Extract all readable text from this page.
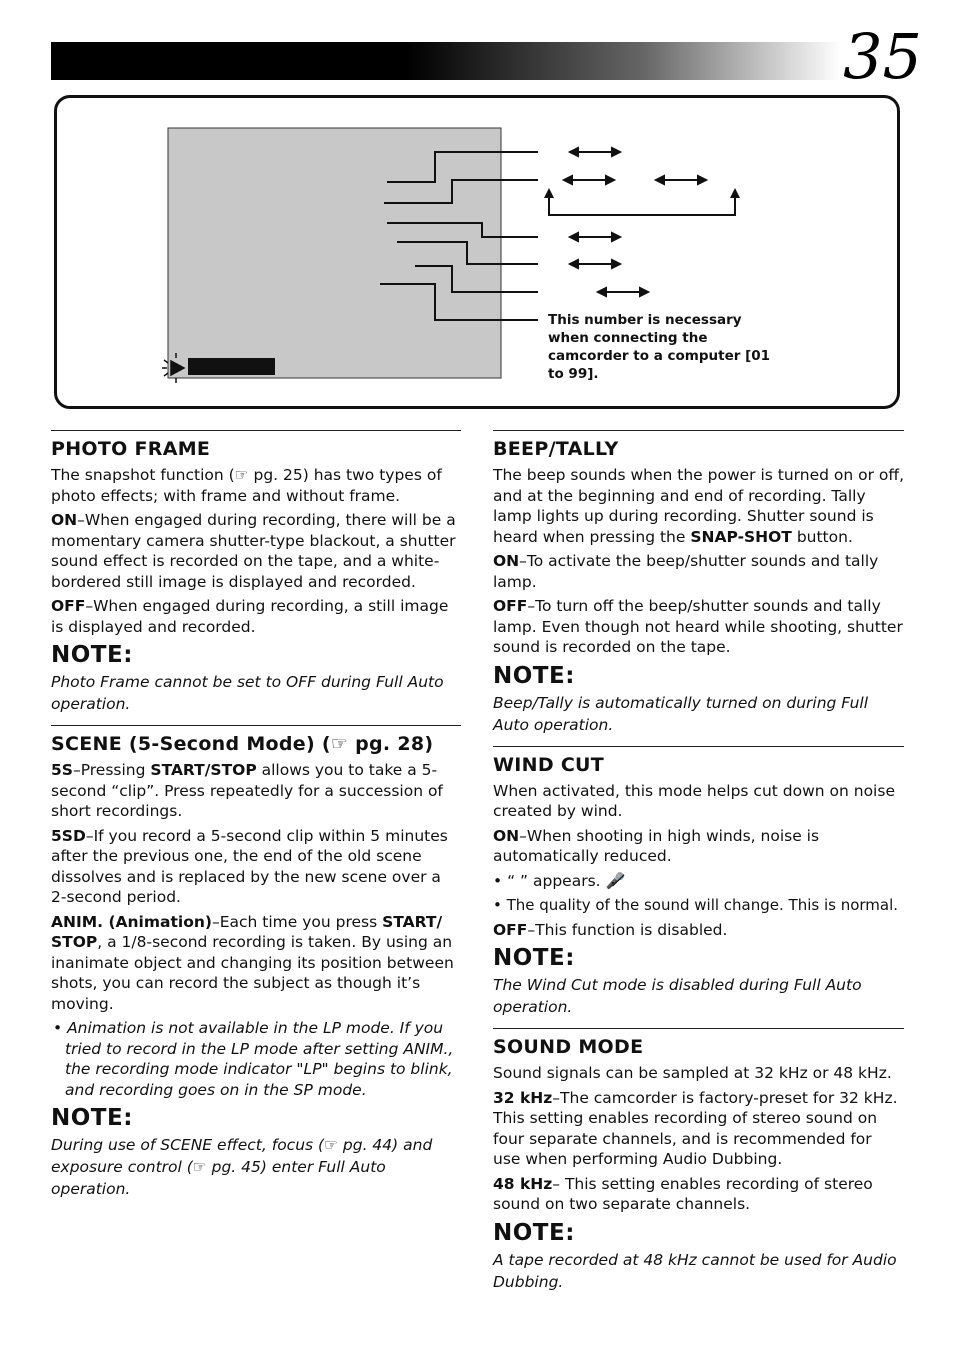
35
This number is necessary when connecting the camcorder to a computer [01 to 99].
PHOTO FRAME

The snapshot function (☞ pg. 25) has two types of photo effects; with frame and without frame.

ON–When engaged during recording, there will be a momentary camera shutter-type blackout, a shutter sound effect is recorded on the tape, and a white-bordered still image is displayed and recorded.

OFF–When engaged during recording, a still image is displayed and recorded.

NOTE:
Photo Frame cannot be set to OFF during Full Auto operation.
SCENE (5-Second Mode) (☞ pg. 28)

5S–Pressing START/STOP allows you to take a 5-second “clip”. Press repeatedly for a succession of short recordings.

5SD–If you record a 5-second clip within 5 minutes after the previous one, the end of the old scene dissolves and is replaced by the new scene over a 2-second period.

ANIM. (Animation)–Each time you press START/ STOP, a 1/8-second recording is taken. By using an inanimate object and changing its position between shots, you can record the subject as though it’s moving.

• Animation is not available in the LP mode. If you tried to record in the LP mode after setting ANIM., the recording mode indicator "LP" begins to blink, and recording goes on in the SP mode.

NOTE:
During use of SCENE effect, focus (☞ pg. 44) and exposure control (☞ pg. 45) enter Full Auto operation.
BEEP/TALLY

The beep sounds when the power is turned on or off, and at the beginning and end of recording. Tally lamp lights up during recording. Shutter sound is heard when pressing the SNAP-SHOT button.

ON–To activate the beep/shutter sounds and tally lamp.

OFF–To turn off the beep/shutter sounds and tally lamp. Even though not heard while shooting, shutter sound is recorded on the tape.

NOTE:
Beep/Tally is automatically turned on during Full Auto operation.
WIND CUT

When activated, this mode helps cut down on noise created by wind.

ON–When shooting in high winds, noise is automatically reduced.

• “ ” appears. 🎤̸

• The quality of the sound will change. This is normal.

OFF–This function is disabled.

NOTE:
The Wind Cut mode is disabled during Full Auto operation.
SOUND MODE

Sound signals can be sampled at 32 kHz or 48 kHz.

32 kHz–The camcorder is factory-preset for 32 kHz. This setting enables recording of stereo sound on four separate channels, and is recommended for use when performing Audio Dubbing.

48 kHz– This setting enables recording of stereo sound on two separate channels.

NOTE:
A tape recorded at 48 kHz cannot be used for Audio Dubbing.
